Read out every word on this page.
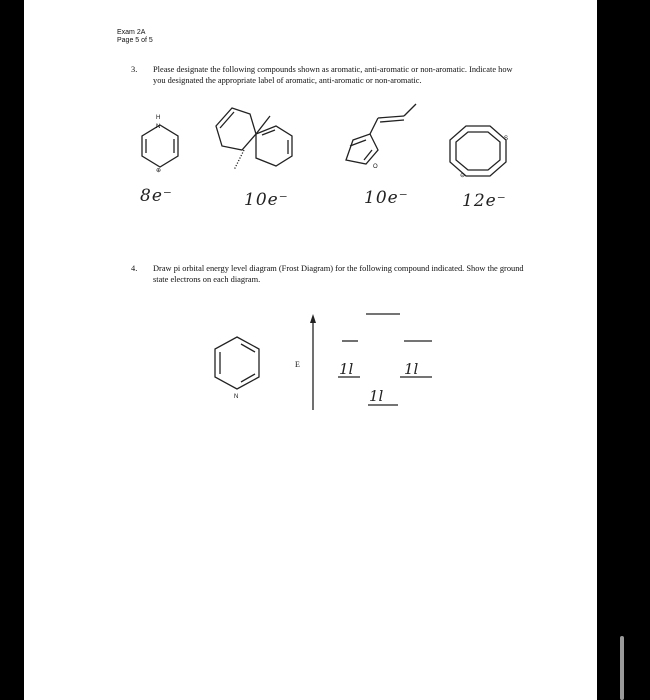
Exam 2A
Page 5 of 5
3. Please designate the following compounds shown as aromatic, anti-aromatic or non-aromatic. Indicate how you designated the appropriate label of aromatic, anti-aromatic or non-aromatic.
8e⁻	10e⁻	10e⁻	12e⁻
4. Draw pi orbital energy level diagram (Frost Diagram) for the following compound indicated. Show the ground state electrons on each diagram.
H
N
⊕
O
S
⊖
N
E	1l	1l
1l
